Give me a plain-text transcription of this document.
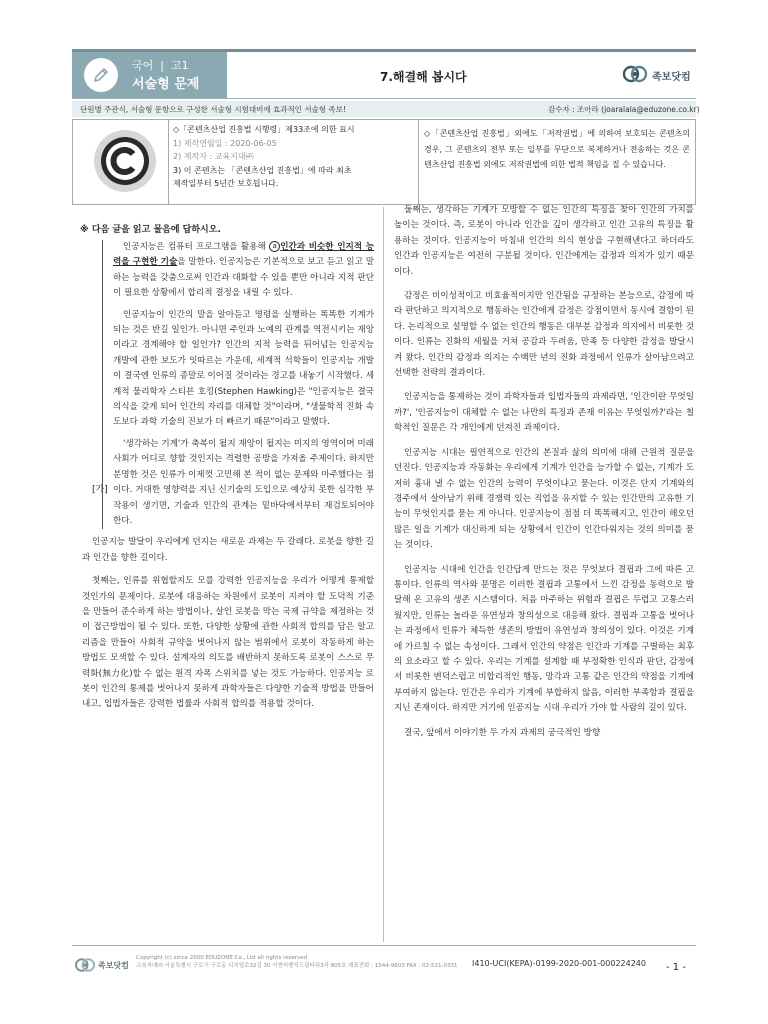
국어  |  고1
서술형 문제	7.해결해 봅시다	족보닷컴
단원별 주관식, 서술형 문항으로 구성한 서술형 시험대비에 효과적인 서술형 족보!	감수자 : 조아라 (joaralala@eduzone.co.kr)
◇「콘텐츠산업 진흥법 시행령」제33조에 의한 표시
1) 제작연월일 : 2020-06-05
2) 제작자 : 교육지대㈜
3) 이 콘텐츠는 「콘텐츠산업 진흥법」에 따라 최초
제작일부터 5년간 보호됩니다.
◇「콘텐츠산업 진흥법」외에도「저작권법」에 의하여 보호되는 콘텐츠의 경우, 그 콘텐츠의 전부 또는 일부를 무단으로 복제하거나 전송하는 것은 콘텐츠산업 진흥법 외에도 저작권법에 의한 법적 책임을 질 수 있습니다.
※ 다음 글을 읽고 물음에 답하시오.
[가]

인공지능은 컴퓨터 프로그램을 활용해 a 인간과 비슷한 인지적 능력을 구현한 기술을 말한다. 인공지능은 기본적으로 보고 듣고 읽고 말하는 능력을 갖춤으로써 인간과 대화할 수 있을 뿐만 아니라 지적 판단이 필요한 상황에서 합리적 결정을 내릴 수 있다.

인공지능이 인간의 말을 알아듣고 명령을 실행하는 똑똑한 기계가 되는 것은 반길 일인가. 아니면 주인과 노예의 관계를 역전시키는 재앙이라고 경계해야 할 일인가? 인간의 지적 능력을 뒤어넘는 인공지능 개발에 관한 보도가 잇따르는 가운데, 세계적 석학들이 인공지능 개발이 결국엔 인류의 종말로 이어질 것이라는 경고를 내놓기 시작했다. 세계적 물리학자 스티븐 호킹(Stephen Hawking)은 "인공지능은 결국 의식을 갖게 되어 인간의 자리를 대체할 것"이라며, "생물학적 진화 속도보다 과학 기술의 진보가 더 빠르기 때문"이라고 말했다.

'생각하는 기계'가 축복이 될지 재앙이 될지는 미지의 영역이며 미래 사회가 어디로 향할 것인지는 격렬한 공방을 가져올 주제이다. 하지만 분명한 것은 인류가 이제껏 고민해 본 적이 없는 문제와 마주했다는 점이다. 거대한 영향력을 지닌 신기술의 도입으로 예상치 못한 심각한 부작용이 생기면, 기술과 인간의 관계는 밑바닥에서부터 재검토되어야 한다.

인공지능 발달이 우리에게 던지는 새로운 과제는 두 갈래다. 로봇을 향한 길과 인간을 향한 길이다.

첫째는, 인류를 위협할지도 모를 강력한 인공지능을 우리가 어떻게 통제할 것인가의 문제이다. 로봇에 대응하는 차원에서 로봇이 지켜야 할 도덕적 기준을 만들어 준수하게 하는 방법이나, 살인 로봇을 막는 국제 규약을 제정하는 것이 접근방법이 될 수 있다. 또한, 다양한 상황에 관한 사회적 합의를 담은 알고리즘을 만들어 사회적 규약을 벗어나지 않는 범위에서 로봇이 작동하게 하는 방법도 모색할 수 있다. 설계자의 의도를 배반하지 못하도록 로봇이 스스로 무력화(無力化)할 수 없는 원격 자폭 스위치를 넣는 것도 가능하다. 인공지능 로봇이 인간의 통제를 벗어나지 못하게 과학자들은 다양한 기술적 방법을 만들어 내고, 입법자들은 강력한 법률과 사회적 합의를 적용할 것이다.

둘째는, 생각하는 기계가 모방할 수 없는 인간의 특징을 찾아 인간의 가치를 높이는 것이다. 즉, 로봇이 아니라 인간을 깊이 생각하고 인간 고유의 특징을 활용하는 것이다. 인공지능이 마침내 인간의 의식 현상을 구현해낸다고 하더라도 인간과 인공지능은 여전히 구분될 것이다. 인간에게는 감정과 의지가 있기 때문이다.

감정은 비이성적이고 비효율적이지만 인간됨을 규정하는 본능으로, 감정에 따라 판단하고 의지적으로 행동하는 인간에게 감정은 강점이면서 동시에 결함이 된다. 논리적으로 설명할 수 없는 인간의 행동은 대부분 감정과 의지에서 비롯한 것이다. 인류는 진화의 세월을 거쳐 공감과 두려움, 만족 등 다양한 감정을 발달시켜 왔다. 인간의 감정과 의지는 수백만 년의 진화 과정에서 인류가 살아남으려고 선택한 전략의 결과이다.

인공지능을 통제하는 것이 과학자들과 입법자들의 과제라면, '인간이란 무엇일까?', '인공지능이 대체할 수 없는 나만의 특징과 존재 이유는 무엇일까?'라는 철학적인 질문은 각 개인에게 던져진 과제이다.

인공지능 시대는 필연적으로 인간의 본질과 삶의 의미에 대해 근원적 질문을 던진다. 인공지능과 자동화는 우리에게 기계가 인간을 능가할 수 없는, 기계가 도저히 흉내 낼 수 없는 인간의 능력이 무엇이냐고 묻는다. 이것은 단지 기계와의 경주에서 살아남기 위해 경쟁력 있는 직업을 유지할 수 있는 인간만의 고유한 기능이 무엇인지를 묻는 게 아니다. 인공지능이 점점 더 똑똑해지고, 인간이 해오던 많은 일을 기계가 대신하게 되는 상황에서 인간이 인간다워지는 것의 의미를 묻는 것이다.

인공지능 시대에 인간을 인간답게 만드는 것은 무엇보다 결핍과 그에 따른 고통이다. 인류의 역사와 문명은 이러한 결핍과 고통에서 느낀 감정을 동력으로 발달해 온 고유의 생존 시스템이다. 처음 마주하는 위험과 결핍은 두렵고 고통스러웠지만, 인류는 놀라운 유연성과 창의성으로 대응해 왔다. 결핍과 고통을 벗어나는 과정에서 인류가 체득한 생존의 방법이 유연성과 창의성이 있다. 이것은 기계에 가르칠 수 없는 속성이다. 그래서 인간의 약점은 인간과 기계를 구별하는 최후의 요소라고 할 수 있다. 우리는 기계를 설계할 때 부정확한 인식과 판단, 감정에서 비롯한 변덕스럽고 비합리적인 행동, 망각과 고통 같은 인간의 약점을 기계에 부여하지 않는다. 인간은 우리가 기계에 부합하지 않음, 이러한 부족함과 결핍을 지닌 존재이다. 하지만 거기에 인공지능 시대 우리가 가야 할 사람의 길이 있다.

결국, 앞에서 이야기한 두 가지 과제의 궁극적인 방향

족보닷컴
Copyright (c) since 2000 EDUZONE Co., Ltd all rights reserved
교육지대㈜ 서울특별시 구로구 구로동 디지털로32길 30 이앤씨벤처드림타워3차 805호 대표전화 : 1544-9603 FAX : 02-521-0331 I410-UCI(KEPA)-0199-2020-001-000224240 - 1 -
